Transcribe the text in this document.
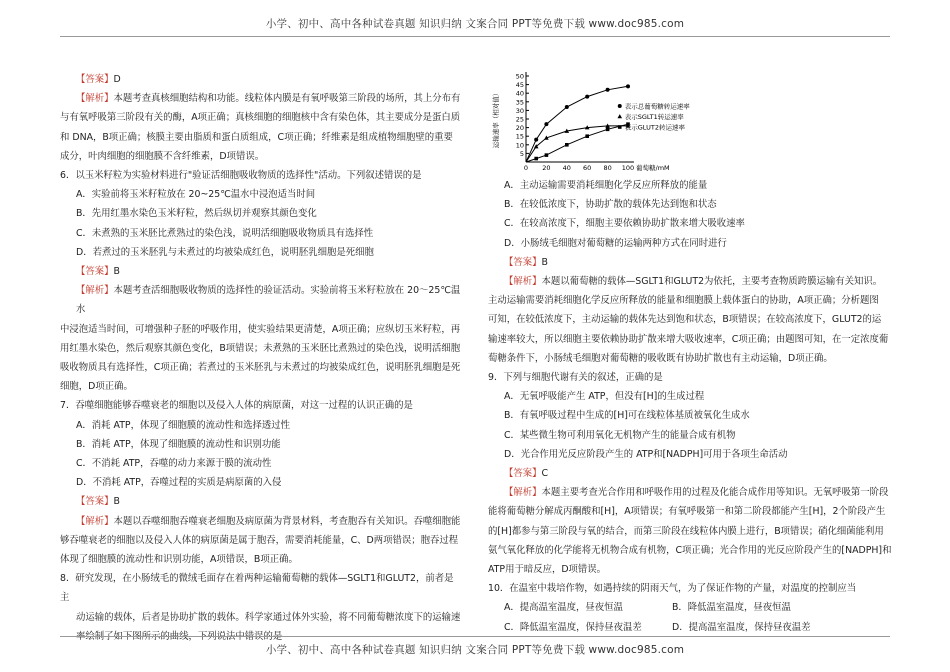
小学、初中、高中各种试卷真题 知识归纳 文案合同 PPT等免费下载 www.doc985.com
【答案】D
【解析】本题考查真核细胞结构和功能。线粒体内膜是有氧呼吸第三阶段的场所，其上分布有
与有氧呼吸第三阶段有关的酶，A项正确；真核细胞的细胞核中含有染色体，其主要成分是蛋白质
和 DNA，B项正确；核膜主要由脂质和蛋白质组成，C项正确；纤维素是组成植物细胞壁的重要
成分，叶肉细胞的细胞膜不含纤维素，D项错误。
6．以玉米籽粒为实验材料进行"验证活细胞吸收物质的选择性"活动。下列叙述错误的是
A．实验前将玉米籽粒放在 20~25℃温水中浸泡适当时间
B．先用红墨水染色玉米籽粒，然后纵切并观察其颜色变化
C．未煮熟的玉米胚比煮熟过的染色浅，说明活细胞吸收物质具有选择性
D．若煮过的玉米胚乳与未煮过的均被染成红色，说明胚乳细胞是死细胞
【答案】B
【解析】本题考查活细胞吸收物质的选择性的验证活动。实验前将玉米籽粒放在 20～25℃温水
中浸泡适当时间，可增强种子胚的呼吸作用，使实验结果更清楚，A项正确；应纵切玉米籽粒，再
用红墨水染色，然后观察其颜色变化，B项错误；未煮熟的玉米胚比煮熟过的染色浅，说明活细胞
吸收物质具有选择性，C项正确；若煮过的玉米胚乳与未煮过的均被染成红色，说明胚乳细胞是死
细胞，D项正确。
7．吞噬细胞能够吞噬衰老的细胞以及侵入人体的病原菌，对这一过程的认识正确的是
A．消耗 ATP，体现了细胞膜的流动性和选择透过性
B．消耗 ATP，体现了细胞膜的流动性和识别功能
C．不消耗 ATP，吞噬的动力来源于膜的流动性
D．不消耗 ATP，吞噬过程的实质是病原菌的入侵
【答案】B
【解析】本题以吞噬细胞吞噬衰老细胞及病原菌为背景材料，考查胞吞有关知识。吞噬细胞能
够吞噬衰老的细胞以及侵入人体的病原菌是属于胞吞，需要消耗能量，C、D两项错误；胞吞过程
体现了细胞膜的流动性和识别功能，A项错误，B项正确。
8．研究发现，在小肠绒毛的微绒毛面存在着两种运输葡萄糖的载体—SGLT1和GLUT2，前者是主
动运输的载体，后者是协助扩散的载体。科学家通过体外实验，将不同葡萄糖浓度下的运输速
5
10
15
20
25
30
35
40
45
50
0 20 40 60 80 100 葡萄糖/mM
运输速率（相对值）	表示总葡萄糖转运速率
表示SGLT1转运速率
表示GLUT2转运速率
A．主动运输需要消耗细胞化学反应所释放的能量
B．在较低浓度下，协助扩散的载体先达到饱和状态
C．在较高浓度下，细胞主要依赖协助扩散来增大吸收速率
D．小肠绒毛细胞对葡萄糖的运输两种方式在同时进行
【答案】B
【解析】本题以葡萄糖的载体—SGLT1和GLUT2为依托，主要考查物质跨膜运输有关知识。
主动运输需要消耗细胞化学反应所释放的能量和细胞膜上载体蛋白的协助，A项正确；分析题图
可知，在较低浓度下，主动运输的载体先达到饱和状态，B项错误；在较高浓度下，GLUT2的运
输速率较大，所以细胞主要依赖协助扩散来增大吸收速率，C项正确；由题图可知，在一定浓度葡
萄糖条件下，小肠绒毛细胞对葡萄糖的吸收既有协助扩散也有主动运输，D项正确。
9．下列与细胞代谢有关的叙述，正确的是
A．无氧呼吸能产生 ATP，但没有[H]的生成过程
B．有氧呼吸过程中生成的[H]可在线粒体基质被氧化生成水
C．某些微生物可利用氧化无机物产生的能量合成有机物
D．光合作用光反应阶段产生的 ATP和[NADPH]可用于各项生命活动
【答案】C
【解析】本题主要考查光合作用和呼吸作用的过程及化能合成作用等知识。无氧呼吸第一阶段
能将葡萄糖分解成丙酮酸和[H]，A项错误；有氧呼吸第一和第二阶段都能产生[H]，2个阶段产生
的[H]都参与第三阶段与氧的结合，而第三阶段在线粒体内膜上进行，B项错误；硝化细菌能利用
氨气氧化释放的化学能将无机物合成有机物，C项正确；光合作用的光反应阶段产生的[NADPH]和
ATP用于暗反应，D项错误。
10．在温室中栽培作物，如遇持续的阴雨天气，为了保证作物的产量，对温度的控制应当
A．提高温室温度，昼夜恒温	B．降低温室温度，昼夜恒温
C．降低温室温度，保持昼夜温差	D．提高温室温度，保持昼夜温差
小学、初中、高中各种试卷真题 知识归纳 文案合同 PPT等免费下载 www.doc985.com
